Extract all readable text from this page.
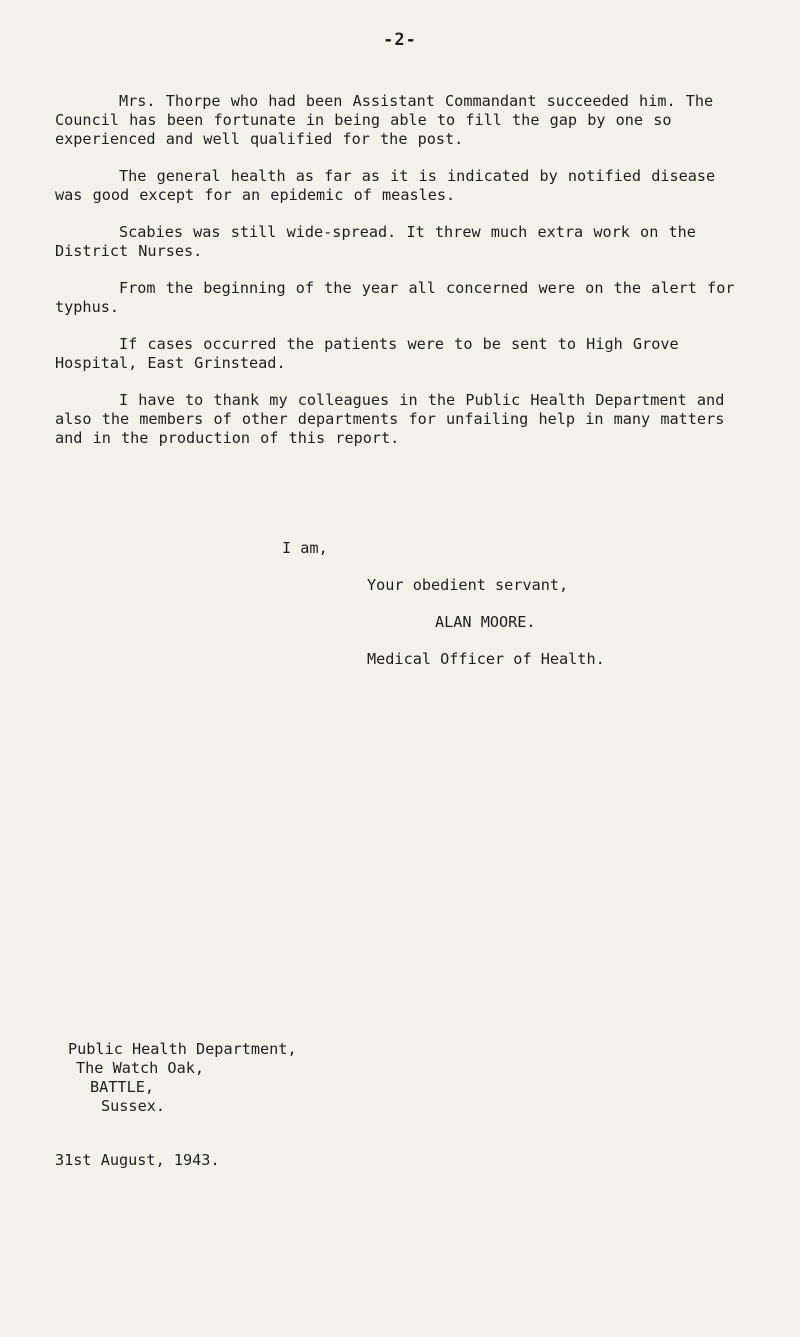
-2-

Mrs. Thorpe who had been Assistant Commandant succeeded him. The Council has been fortunate in being able to fill the gap by one so experienced and well qualified for the post.

The general health as far as it is indicated by notified disease was good except for an epidemic of measles.

Scabies was still wide-spread. It threw much extra work on the District Nurses.

From the beginning of the year all concerned were on the alert for typhus.

If cases occurred the patients were to be sent to High Grove Hospital, East Grinstead.

I have to thank my colleagues in the Public Health Department and also the members of other departments for unfailing help in many matters and in the production of this report.

I am,
Your obedient servant,
ALAN MOORE.
Medical Officer of Health.
Public Health Department,
The Watch Oak,
BATTLE,
Sussex.
31st August, 1943.
